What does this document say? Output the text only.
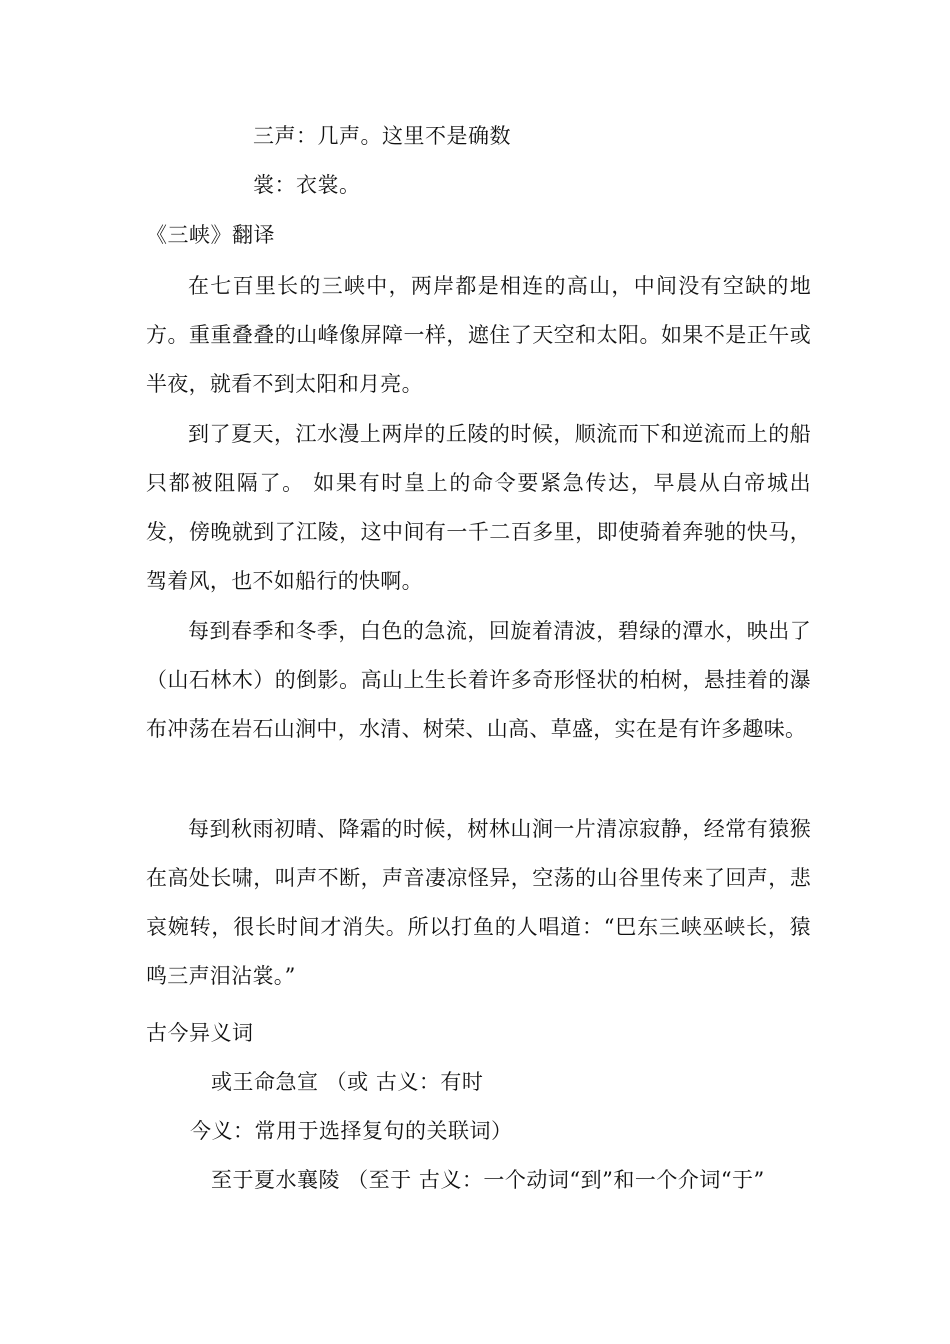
三声：几声。这里不是确数
裳：衣裳。
《三峡》翻译
在七百里长的三峡中，两岸都是相连的高山，中间没有空缺的地方。重重叠叠的山峰像屏障一样，遮住了天空和太阳。如果不是正午或半夜，就看不到太阳和月亮。
到了夏天，江水漫上两岸的丘陵的时候，顺流而下和逆流而上的船只都被阻隔了。 如果有时皇上的命令要紧急传达，早晨从白帝城出发，傍晚就到了江陵，这中间有一千二百多里，即使骑着奔驰的快马，驾着风，也不如船行的快啊。
每到春季和冬季，白色的急流，回旋着清波，碧绿的潭水，映出了（山石林木）的倒影。高山上生长着许多奇形怪状的柏树，悬挂着的瀑布冲荡在岩石山涧中，水清、树荣、山高、草盛，实在是有许多趣味。
每到秋雨初晴、降霜的时候，树林山涧一片清凉寂静，经常有猿猴在高处长啸，叫声不断，声音凄凉怪异，空荡的山谷里传来了回声，悲哀婉转，很长时间才消失。所以打鱼的人唱道：“巴东三峡巫峡长，猿鸣三声泪沾裳。”
古今异义词
或王命急宣 （或 古义：有时
今义：常用于选择复句的关联词）
至于夏水襄陵 （至于 古义：一个动词“到”和一个介词“于”
